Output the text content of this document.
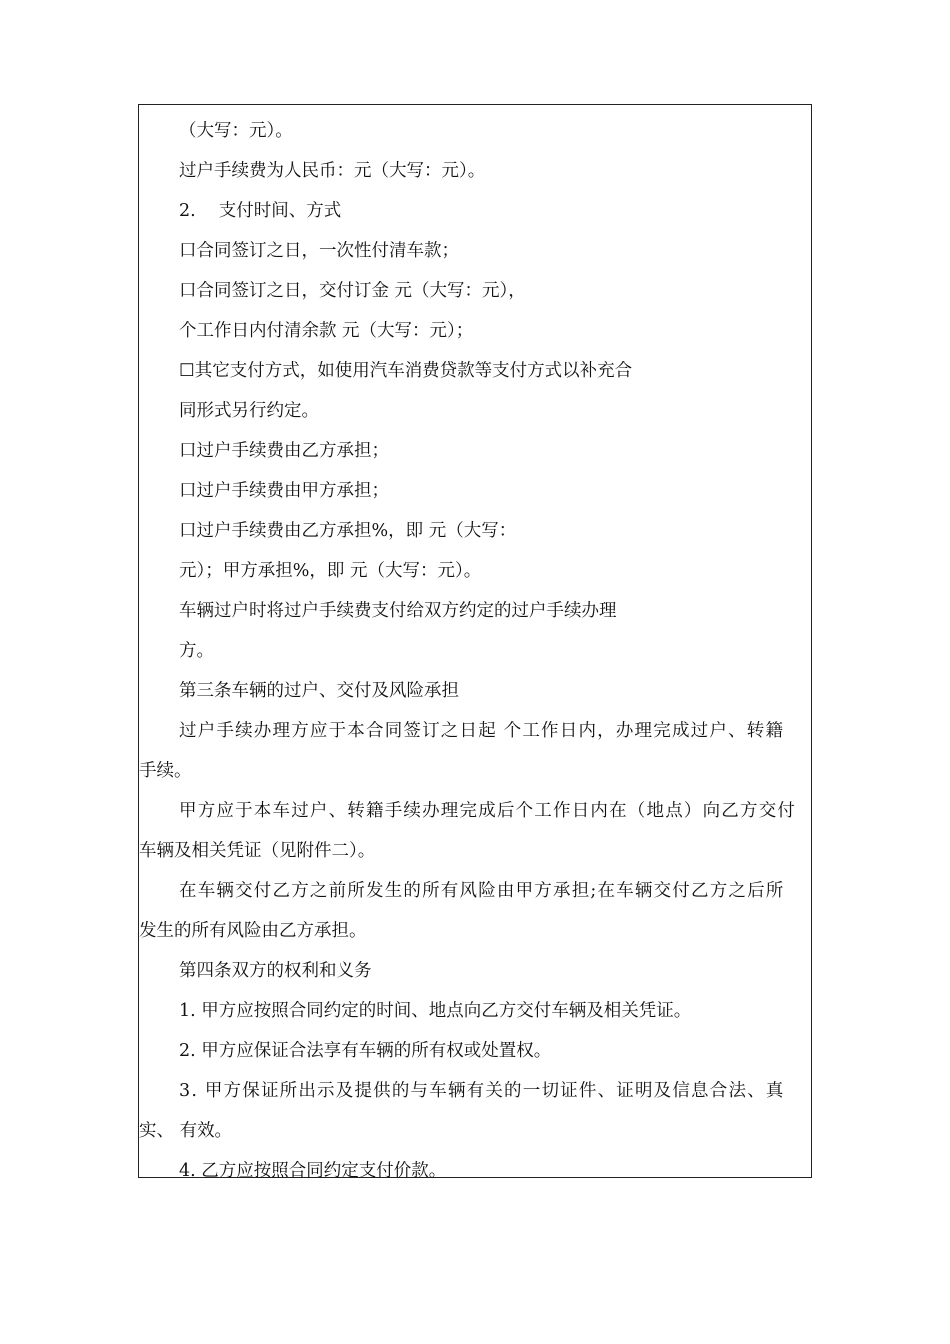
（大写：元）。
过户手续费为人民币：元（大写：元）。
2.　 支付时间、方式
口合同签订之日，一次性付清车款；
口合同签订之日，交付订金 元（大写：元），
个工作日内付清余款 元（大写：元）；
☐其它支付方式，如使用汽车消费贷款等支付方式以补充合
同形式另行约定。
口过户手续费由乙方承担；
口过户手续费由甲方承担；
口过户手续费由乙方承担%，即 元（大写：
元）；甲方承担%，即 元（大写：元）。
车辆过户时将过户手续费支付给双方约定的过户手续办理
方。
第三条车辆的过户、交付及风险承担
过户手续办理方应于本合同签订之日起 个工作日内，办理完成过户、转籍
手续。
甲方应于本车过户、转籍手续办理完成后个工作日内在（地点）向乙方交付
车辆及相关凭证（见附件二）。
在车辆交付乙方之前所发生的所有风险由甲方承担;在车辆交付乙方之后所
发生的所有风险由乙方承担。
第四条双方的权利和义务
1. 甲方应按照合同约定的时间、地点向乙方交付车辆及相关凭证。
2. 甲方应保证合法享有车辆的所有权或处置权。
3. 甲方保证所出示及提供的与车辆有关的一切证件、证明及信息合法、真
实、 有效。
4. 乙方应按照合同约定支付价款。
